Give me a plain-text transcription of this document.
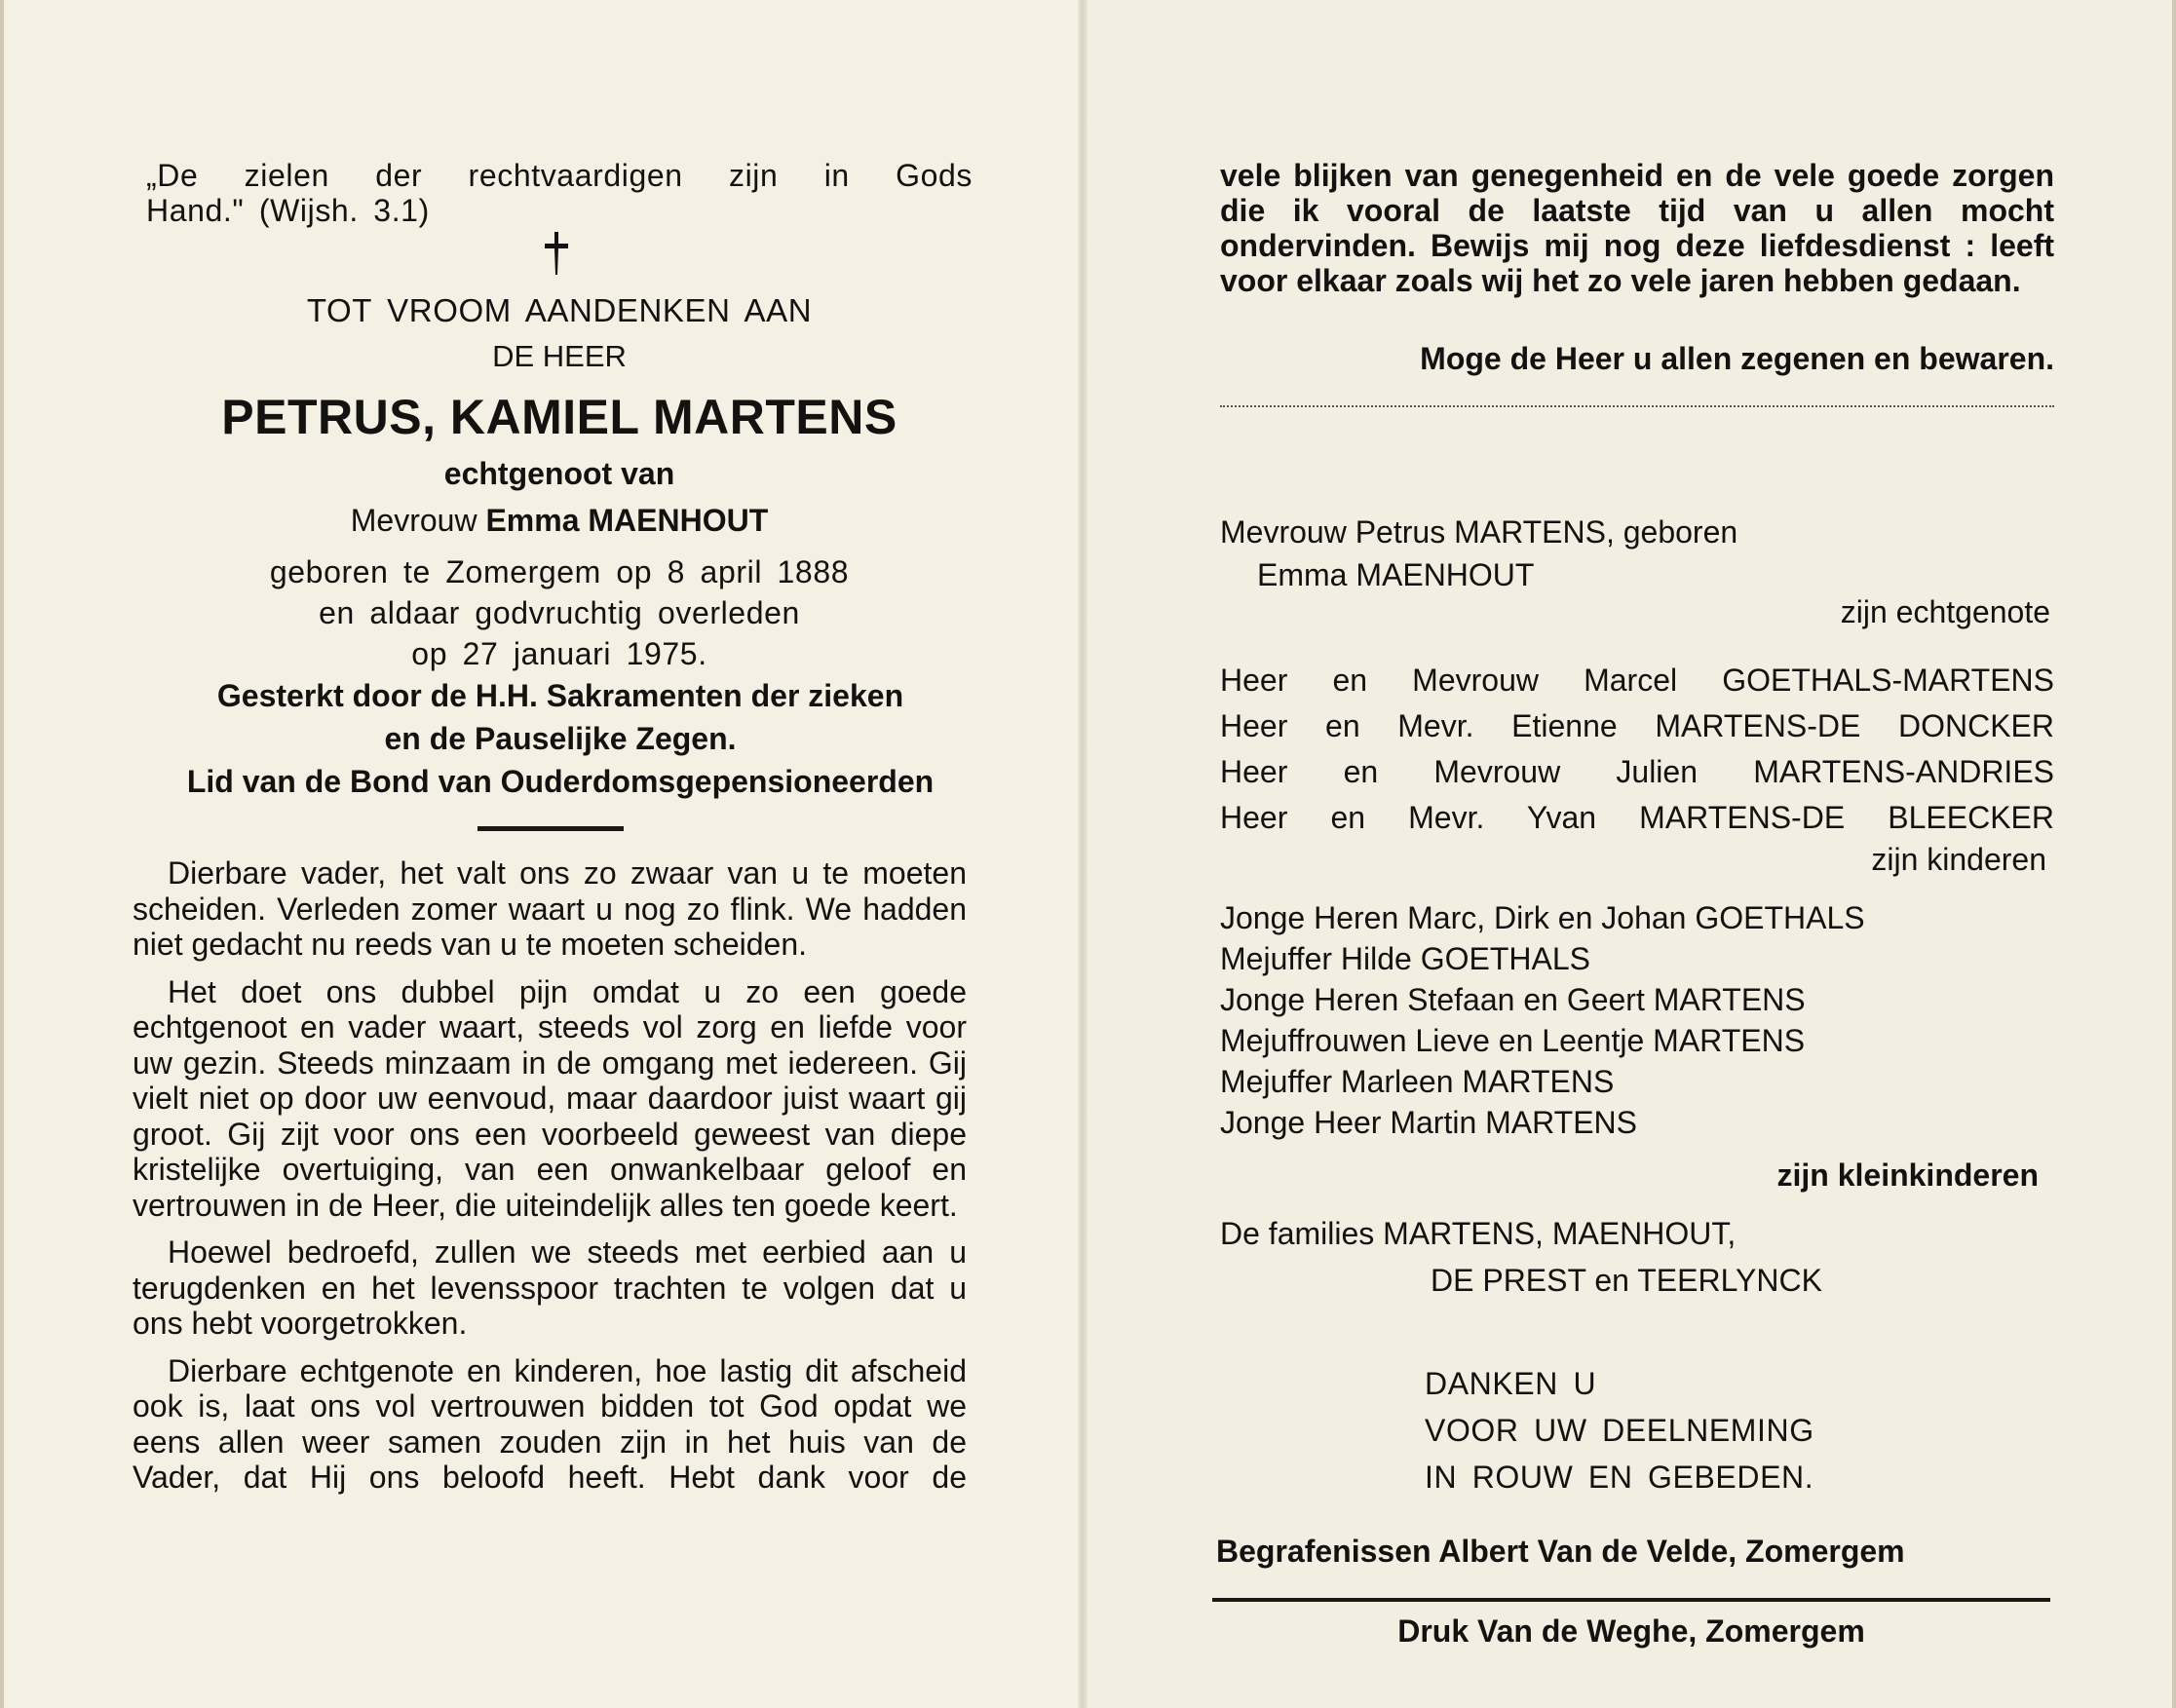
„De zielen der rechtvaardigen zijn in Gods
Hand." (Wijsh. 3.1)
TOT VROOM AANDENKEN AAN
DE HEER
PETRUS, KAMIEL MARTENS
echtgenoot van
Mevrouw Emma MAENHOUT
geboren te Zomergem op 8 april 1888
en aldaar godvruchtig overleden
op 27 januari 1975.
Gesterkt door de H.H. Sakramenten der zieken
en de Pauselijke Zegen.
Lid van de Bond van Ouderdomsgepensioneerden

Dierbare vader, het valt ons zo zwaar van u te moeten scheiden. Verleden zomer waart u nog zo flink. We hadden niet gedacht nu reeds van u te moeten scheiden.

Het doet ons dubbel pijn omdat u zo een goede echtgenoot en vader waart, steeds vol zorg en liefde voor uw gezin. Steeds minzaam in de omgang met iedereen. Gij vielt niet op door uw eenvoud, maar daardoor juist waart gij groot. Gij zijt voor ons een voorbeeld geweest van diepe kristelijke overtuiging, van een onwankelbaar geloof en vertrouwen in de Heer, die uiteindelijk alles ten goede keert.

Hoewel bedroefd, zullen we steeds met eerbied aan u terugdenken en het levensspoor trachten te volgen dat u ons hebt voorgetrokken.

Dierbare echtgenote en kinderen, hoe lastig dit afscheid ook is, laat ons vol vertrouwen bidden tot God opdat we eens allen weer samen zouden zijn in het huis van de Vader, dat Hij ons beloofd heeft. Hebt dank voor de

vele blijken van genegenheid en de vele goede zorgen die ik vooral de laatste tijd van u allen mocht ondervinden. Bewijs mij nog deze liefdesdienst : leeft voor elkaar zoals wij het zo vele jaren hebben gedaan.
Moge de Heer u allen zegenen en bewaren.
Mevrouw Petrus MARTENS, geboren
Emma MAENHOUT
zijn echtgenote
Heer en Mevrouw Marcel GOETHALS-MARTENS
Heer en Mevr. Etienne MARTENS-DE DONCKER
Heer en Mevrouw Julien MARTENS-ANDRIES
Heer en Mevr. Yvan MARTENS-DE BLEECKER
zijn kinderen
Jonge Heren Marc, Dirk en Johan GOETHALS
Mejuffer Hilde GOETHALS
Jonge Heren Stefaan en Geert MARTENS
Mejuffrouwen Lieve en Leentje MARTENS
Mejuffer Marleen MARTENS
Jonge Heer Martin MARTENS
zijn kleinkinderen
De families MARTENS, MAENHOUT,
DE PREST en TEERLYNCK
DANKEN U
VOOR UW DEELNEMING
IN ROUW EN GEBEDEN.
Begrafenissen Albert Van de Velde, Zomergem
Druk Van de Weghe, Zomergem
